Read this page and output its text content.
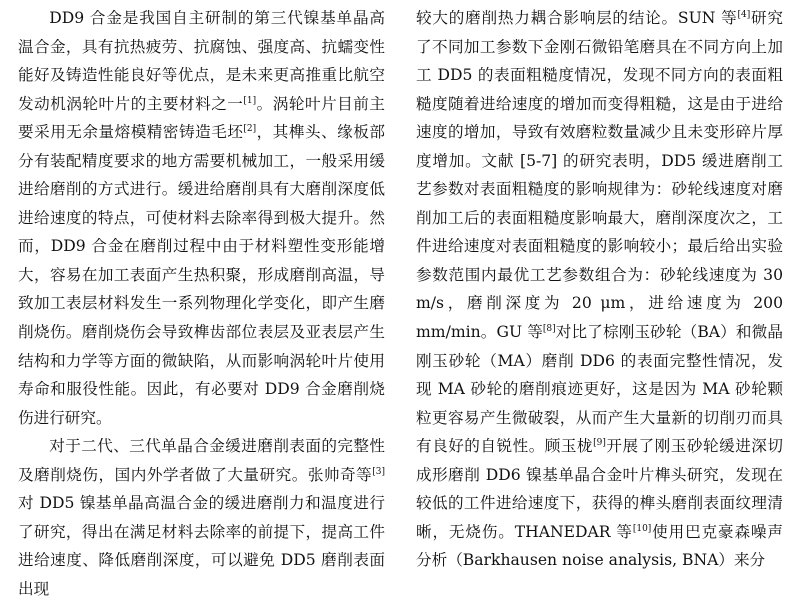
DD9 合金是我国自主研制的第三代镍基单晶高温合金，具有抗热疲劳、抗腐蚀、强度高、抗蠕变性能好及铸造性能良好等优点，是未来更高推重比航空发动机涡轮叶片的主要材料之一[1]。涡轮叶片目前主要采用无余量熔模精密铸造毛坯[2]，其榫头、缘板部分有装配精度要求的地方需要机械加工，一般采用缓进给磨削的方式进行。缓进给磨削具有大磨削深度低进给速度的特点，可使材料去除率得到极大提升。然而，DD9 合金在磨削过程中由于材料塑性变形能增大，容易在加工表面产生热积聚，形成磨削高温，导致加工表层材料发生一系列物理化学变化，即产生磨削烧伤。磨削烧伤会导致榫齿部位表层及亚表层产生结构和力学等方面的微缺陷，从而影响涡轮叶片使用寿命和服役性能。因此，有必要对 DD9 合金磨削烧伤进行研究。

对于二代、三代单晶合金缓进磨削表面的完整性及磨削烧伤，国内外学者做了大量研究。张帅奇等[3]对 DD5 镍基单晶高温合金的缓进磨削力和温度进行了研究，得出在满足材料去除率的前提下，提高工件进给速度、降低磨削深度，可以避免 DD5 磨削表面出现

较大的磨削热力耦合影响层的结论。SUN 等[4]研究了不同加工参数下金刚石微铅笔磨具在不同方向上加工 DD5 的表面粗糙度情况，发现不同方向的表面粗糙度随着进给速度的增加而变得粗糙，这是由于进给速度的增加，导致有效磨粒数量减少且未变形碎片厚度增加。文献 [5-7] 的研究表明，DD5 缓进磨削工艺参数对表面粗糙度的影响规律为：砂轮线速度对磨削加工后的表面粗糙度影响最大，磨削深度次之，工件进给速度对表面粗糙度的影响较小；最后给出实验参数范围内最优工艺参数组合为：砂轮线速度为 30 m/s，磨削深度为 20 μm，进给速度为 200 mm/min。GU 等[8]对比了棕刚玉砂轮（BA）和微晶刚玉砂轮（MA）磨削 DD6 的表面完整性情况，发现 MA 砂轮的磨削痕迹更好，这是因为 MA 砂轮颗粒更容易产生微破裂，从而产生大量新的切削刃而具有良好的自锐性。顾玉栊[9]开展了刚玉砂轮缓进深切成形磨削 DD6 镍基单晶合金叶片榫头研究，发现在较低的工件进给速度下，获得的榫头磨削表面纹理清晰，无烧伤。THANEDAR 等[10]使用巴克豪森噪声分析（Barkhausen noise analysis, BNA）来分
